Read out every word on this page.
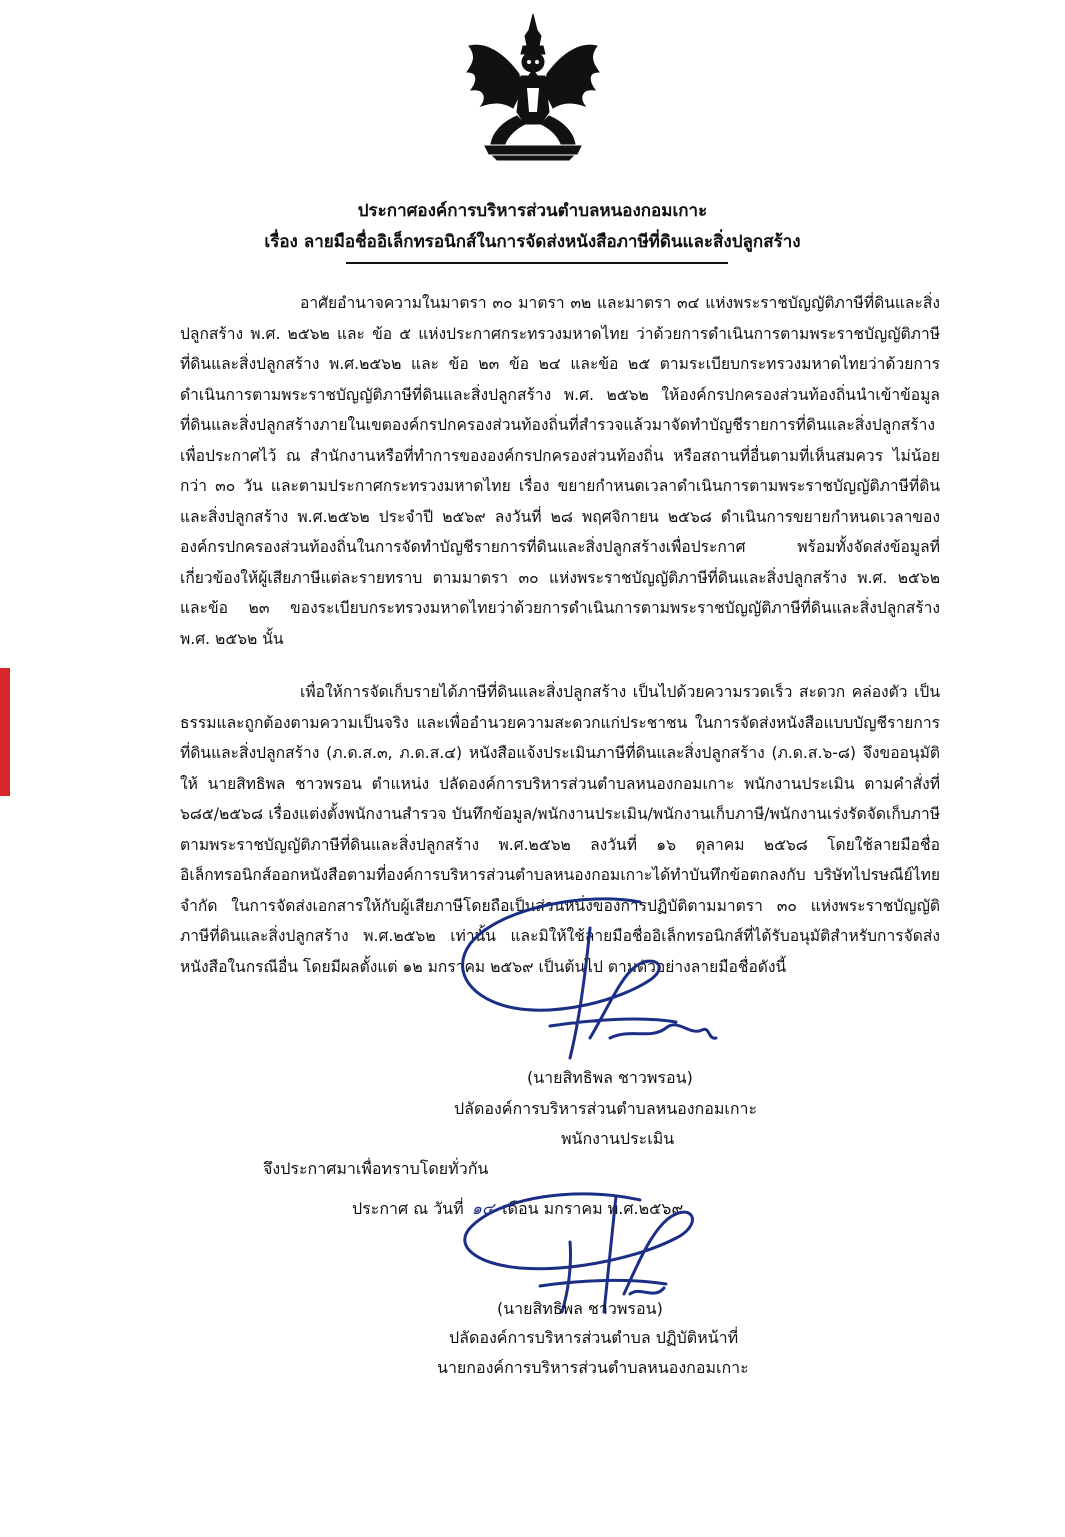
ประกาศองค์การบริหารส่วนตำบลหนองกอมเกาะ
เรื่อง ลายมือชื่ออิเล็กทรอนิกส์ในการจัดส่งหนังสือภาษีที่ดินและสิ่งปลูกสร้าง

อาศัยอำนาจความในมาตรา ๓๐ มาตรา ๓๒ และมาตรา ๓๔ แห่งพระราชบัญญัติภาษีที่ดินและสิ่งปลูกสร้าง พ.ศ. ๒๕๖๒ และ ข้อ ๕ แห่งประกาศกระทรวงมหาดไทย ว่าด้วยการดำเนินการตามพระราชบัญญัติภาษีที่ดินและสิ่งปลูกสร้าง พ.ศ.๒๕๖๒ และ ข้อ ๒๓ ข้อ ๒๔ และข้อ ๒๕ ตามระเบียบกระทรวงมหาดไทยว่าด้วยการดำเนินการตามพระราชบัญญัติภาษีที่ดินและสิ่งปลูกสร้าง พ.ศ. ๒๕๖๒ ให้องค์กรปกครองส่วนท้องถิ่นนำเข้าข้อมูลที่ดินและสิ่งปลูกสร้างภายในเขตองค์กรปกครองส่วนท้องถิ่นที่สำรวจแล้วมาจัดทำบัญชีรายการที่ดินและสิ่งปลูกสร้าง เพื่อประกาศไว้ ณ สำนักงานหรือที่ทำการขององค์กรปกครองส่วนท้องถิ่น หรือสถานที่อื่นตามที่เห็นสมควร ไม่น้อยกว่า ๓๐ วัน และตามประกาศกระทรวงมหาดไทย เรื่อง ขยายกำหนดเวลาดำเนินการตามพระราชบัญญัติภาษีที่ดินและสิ่งปลูกสร้าง พ.ศ.๒๕๖๒ ประจำปี ๒๕๖๙ ลงวันที่ ๒๘ พฤศจิกายน ๒๕๖๘ ดำเนินการขยายกำหนดเวลาขององค์กรปกครองส่วนท้องถิ่นในการจัดทำบัญชีรายการที่ดินและสิ่งปลูกสร้างเพื่อประกาศ พร้อมทั้งจัดส่งข้อมูลที่เกี่ยวข้องให้ผู้เสียภาษีแต่ละรายทราบ ตามมาตรา ๓๐ แห่งพระราชบัญญัติภาษีที่ดินและสิ่งปลูกสร้าง พ.ศ. ๒๕๖๒ และข้อ ๒๓ ของระเบียบกระทรวงมหาดไทยว่าด้วยการดำเนินการตามพระราชบัญญัติภาษีที่ดินและสิ่งปลูกสร้าง พ.ศ. ๒๕๖๒ นั้น

เพื่อให้การจัดเก็บรายได้ภาษีที่ดินและสิ่งปลูกสร้าง เป็นไปด้วยความรวดเร็ว สะดวก คล่องตัว เป็นธรรมและถูกต้องตามความเป็นจริง และเพื่ออำนวยความสะดวกแก่ประชาชน ในการจัดส่งหนังสือแบบบัญชีรายการที่ดินและสิ่งปลูกสร้าง (ภ.ด.ส.๓, ภ.ด.ส.๔) หนังสือแจ้งประเมินภาษีที่ดินและสิ่งปลูกสร้าง (ภ.ด.ส.๖-๘) จึงขออนุมัติให้ นายสิทธิพล ชาวพรอน ตำแหน่ง ปลัดองค์การบริหารส่วนตำบลหนองกอมเกาะ พนักงานประเมิน ตามคำสั่งที่ ๖๘๕/๒๕๖๘ เรื่องแต่งตั้งพนักงานสำรวจ บันทึกข้อมูล/พนักงานประเมิน/พนักงานเก็บภาษี/พนักงานเร่งรัดจัดเก็บภาษีตามพระราชบัญญัติภาษีที่ดินและสิ่งปลูกสร้าง พ.ศ.๒๕๖๒ ลงวันที่ ๑๖ ตุลาคม ๒๕๖๘ โดยใช้ลายมือชื่ออิเล็กทรอนิกส์ออกหนังสือตามที่องค์การบริหารส่วนตำบลหนองกอมเกาะได้ทำบันทึกข้อตกลงกับ บริษัทไปรษณีย์ไทยจำกัด ในการจัดส่งเอกสารให้กับผู้เสียภาษีโดยถือเป็นส่วนหนึ่งของการปฏิบัติตามมาตรา ๓๐ แห่งพระราชบัญญัติภาษีที่ดินและสิ่งปลูกสร้าง พ.ศ.๒๕๖๒ เท่านั้น และมิให้ใช้ลายมือชื่ออิเล็กทรอนิกส์ที่ได้รับอนุมัติสำหรับการจัดส่งหนังสือในกรณีอื่น โดยมีผลตั้งแต่ ๑๒ มกราคม ๒๕๖๙ เป็นต้นไป ตามตัวอย่างลายมือชื่อดังนี้

(นายสิทธิพล ชาวพรอน)
ปลัดองค์การบริหารส่วนตำบลหนองกอมเกาะ
พนักงานประเมิน
จึงประกาศมาเพื่อทราบโดยทั่วกัน
ประกาศ ณ วันที่ ๑๔ เดือน มกราคม พ.ศ.๒๕๖๙
(นายสิทธิพล ชาวพรอน)
ปลัดองค์การบริหารส่วนตำบล ปฏิบัติหน้าที่
นายกองค์การบริหารส่วนตำบลหนองกอมเกาะ
